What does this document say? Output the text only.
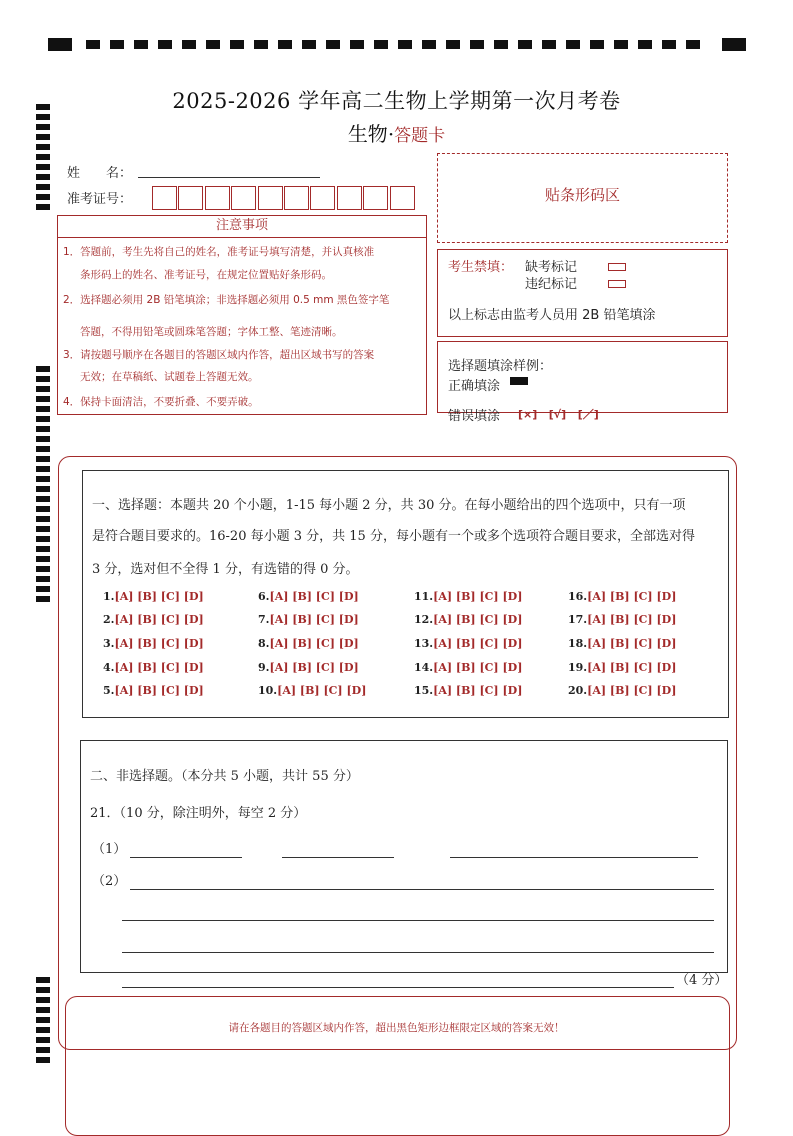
2025-2026 学年高二生物上学期第一次月考卷
生物·答题卡
姓　　名：
准考证号：	贴条形码区
注意事项
1．答题前，考生先将自己的姓名，准考证号填写清楚，并认真核准
条形码上的姓名、准考证号，在规定位置贴好条形码。
2．选择题必须用 2B 铅笔填涂；非选择题必须用 0.5 mm 黑色签字笔
答题，不得用铅笔或圆珠笔答题；字体工整、笔迹清晰。
3．请按题号顺序在各题目的答题区域内作答，超出区域书写的答案
无效；在草稿纸、试题卷上答题无效。
4．保持卡面清洁，不要折叠、不要弄破。
考生禁填： 缺考标记
违纪标记
以上标志由监考人员用 2B 铅笔填涂
选择题填涂样例：
正确填涂
错误填涂 [×] [√] [／]
一、选择题：本题共 20 个小题，1-15 每小题 2 分，共 30 分。在每小题给出的四个选项中，只有一项
是符合题目要求的。16-20 每小题 3 分，共 15 分，每小题有一个或多个选项符合题目要求，全部选对得
3 分，选对但不全得 1 分，有选错的得 0 分。
1.[A] [B] [C] [D]
2.[A] [B] [C] [D]
3.[A] [B] [C] [D]
4.[A] [B] [C] [D]
5.[A] [B] [C] [D]
6.[A] [B] [C] [D]
7.[A] [B] [C] [D]
8.[A] [B] [C] [D]
9.[A] [B] [C] [D]
10.[A] [B] [C] [D]
11.[A] [B] [C] [D]
12.[A] [B] [C] [D]
13.[A] [B] [C] [D]
14.[A] [B] [C] [D]
15.[A] [B] [C] [D]
16.[A] [B] [C] [D]
17.[A] [B] [C] [D]
18.[A] [B] [C] [D]
19.[A] [B] [C] [D]
20.[A] [B] [C] [D]
二、非选择题。（本分共 5 小题，共计 55 分）
21．（10 分，除注明外，每空 2 分）
（1）
（2）
（4 分）
请在各题目的答题区域内作答，超出黑色矩形边框限定区域的答案无效！
